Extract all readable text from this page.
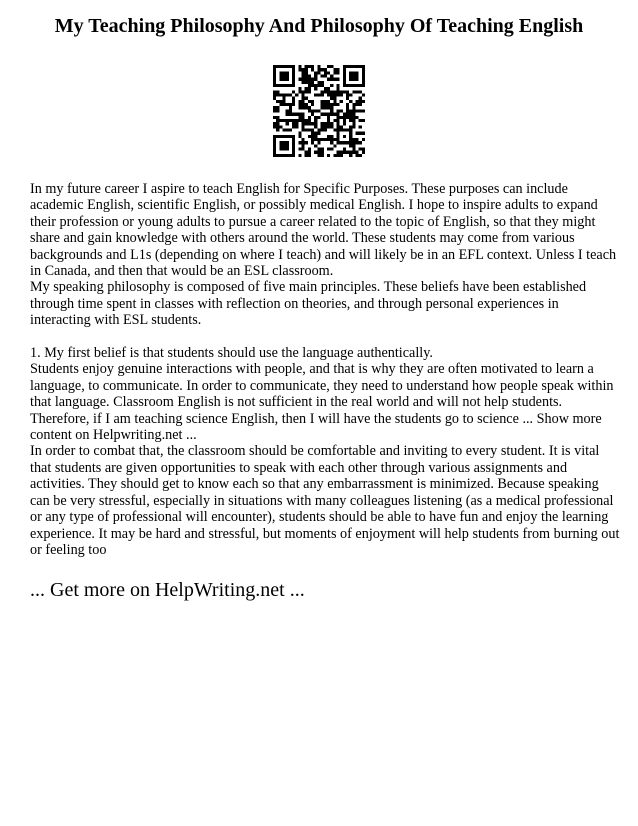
My Teaching Philosophy And Philosophy Of Teaching English

In my future career I aspire to teach English for Specific Purposes. These purposes can include academic English, scientific English, or possibly medical English. I hope to inspire adults to expand their profession or young adults to pursue a career related to the topic of English, so that they might share and gain knowledge with others around the world. These students may come from various backgrounds and L1s (depending on where I teach) and will likely be in an EFL context. Unless I teach in Canada, and then that would be an ESL classroom.

My speaking philosophy is composed of five main principles. These beliefs have been established through time spent in classes with reflection on theories, and through personal experiences in interacting with ESL students.

1. My first belief is that students should use the language authentically.

Students enjoy genuine interactions with people, and that is why they are often motivated to learn a language, to communicate. In order to communicate, they need to understand how people speak within that language. Classroom English is not sufficient in the real world and will not help students. Therefore, if I am teaching science English, then I will have the students go to science ... Show more content on Helpwriting.net ...

In order to combat that, the classroom should be comfortable and inviting to every student. It is vital that students are given opportunities to speak with each other through various assignments and activities. They should get to know each so that any embarrassment is minimized. Because speaking can be very stressful, especially in situations with many colleagues listening (as a medical professional or any type of professional will encounter), students should be able to have fun and enjoy the learning experience. It may be hard and stressful, but moments of enjoyment will help students from burning out or feeling too

... Get more on HelpWriting.net ...
